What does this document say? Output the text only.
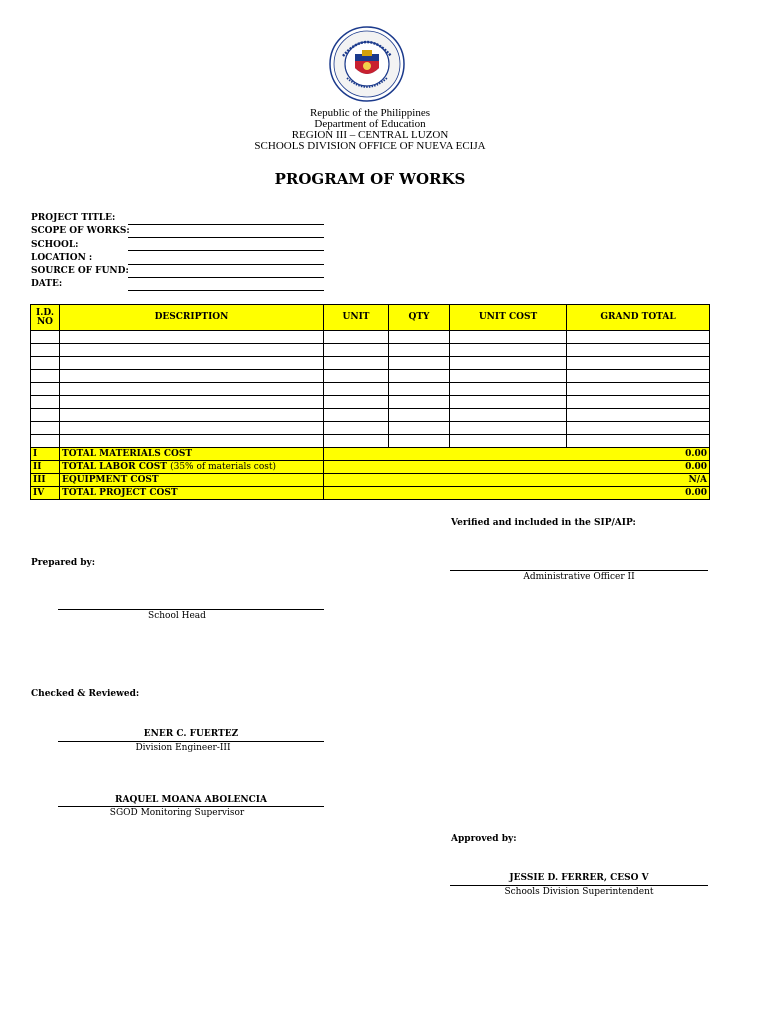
Republic of the Philippines
Department of Education
REGION III – CENTRAL LUZON
SCHOOLS DIVISION OFFICE OF NUEVA ECIJA
PROGRAM OF WORKS
PROJECT TITLE:
SCOPE OF WORKS:
SCHOOL:
LOCATION :
SOURCE OF FUND:
DATE:
I.D. NO	DESCRIPTION	UNIT	QTY	UNIT COST	GRAND TOTAL

I	TOTAL MATERIALS COST	0.00			
II	TOTAL LABOR COST (35% of materials cost)	0.00			
III	EQUIPMENT COST	N/A			
IV	TOTAL PROJECT COST	0.00			
Verified and included in the SIP/AIP:
Administrative Officer II
Prepared by:
School Head
Checked & Reviewed:
ENER C. FUERTEZ
Division Engineer-III
RAQUEL MOANA ABOLENCIA
SGOD Monitoring Supervisor
Approved by:
JESSIE D. FERRER, CESO V
Schools Division Superintendent
